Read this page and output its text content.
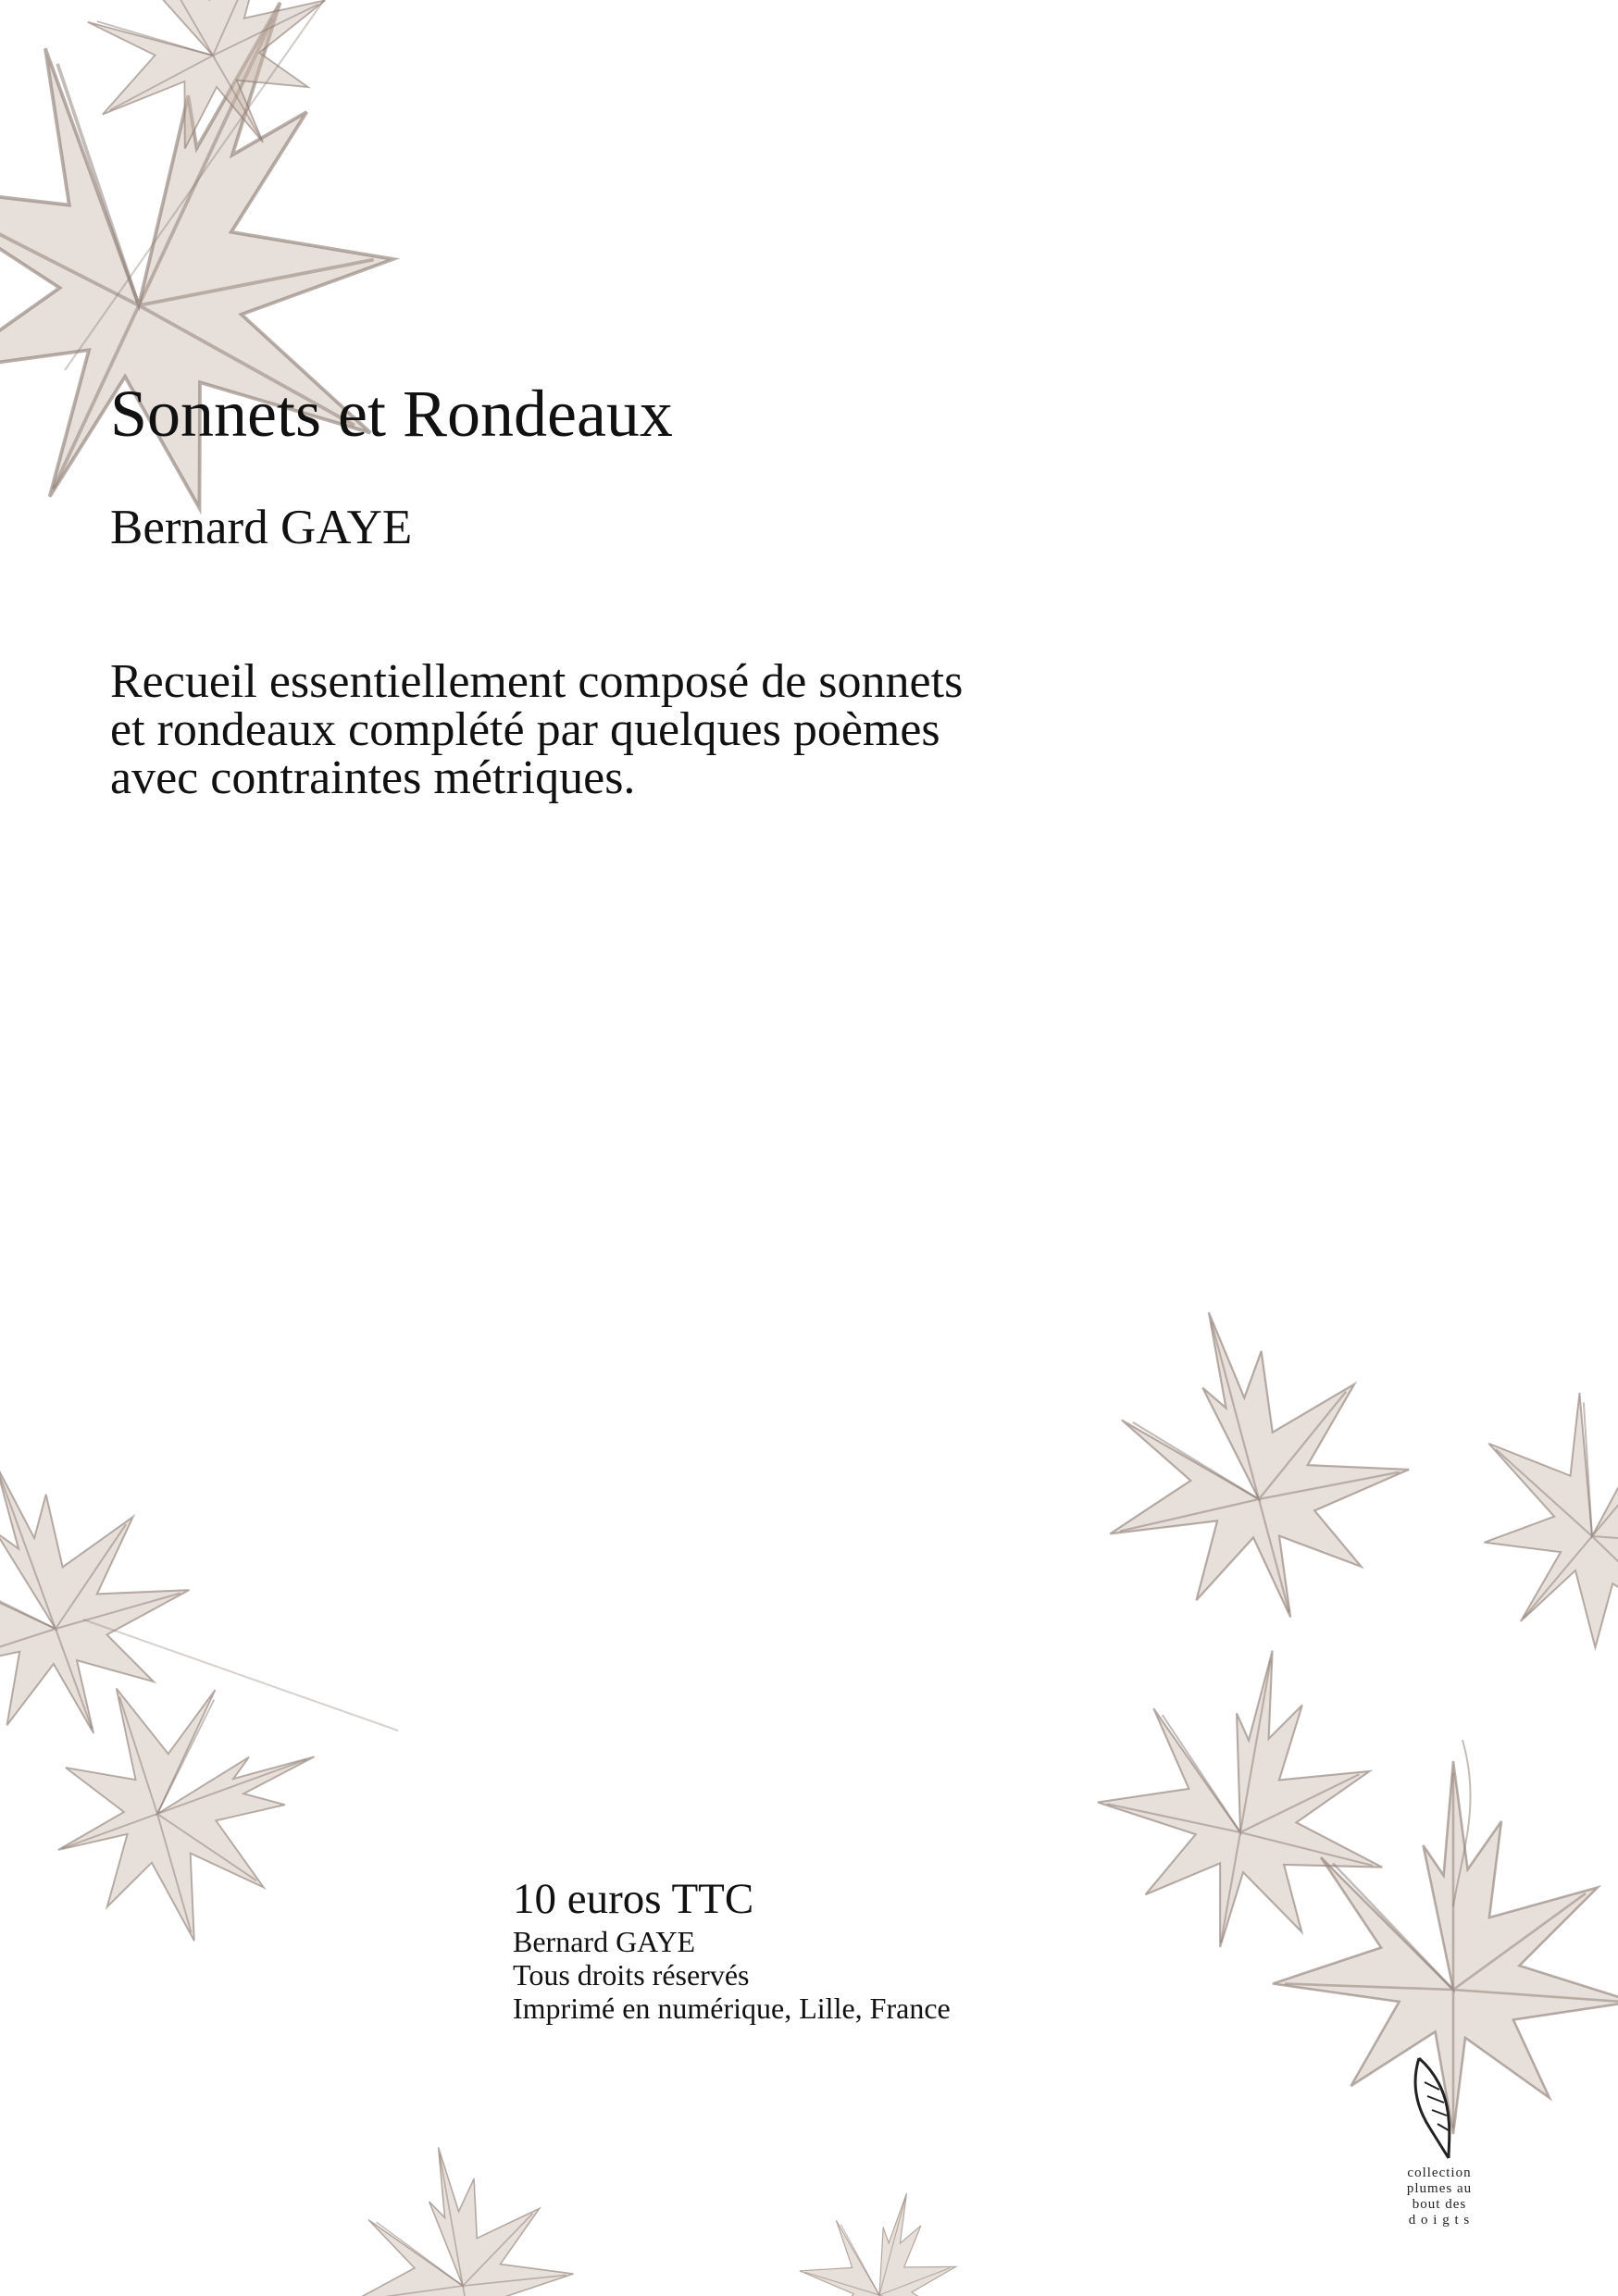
Sonnets et Rondeaux
Bernard GAYE
Recueil essentiellement composé de sonnets
et rondeaux complété par quelques poèmes
avec contraintes métriques.
10 euros TTC
Bernard GAYE
Tous droits réservés
Imprimé en numérique, Lille, France
collection
plumes au
bout des
d o i g t s
